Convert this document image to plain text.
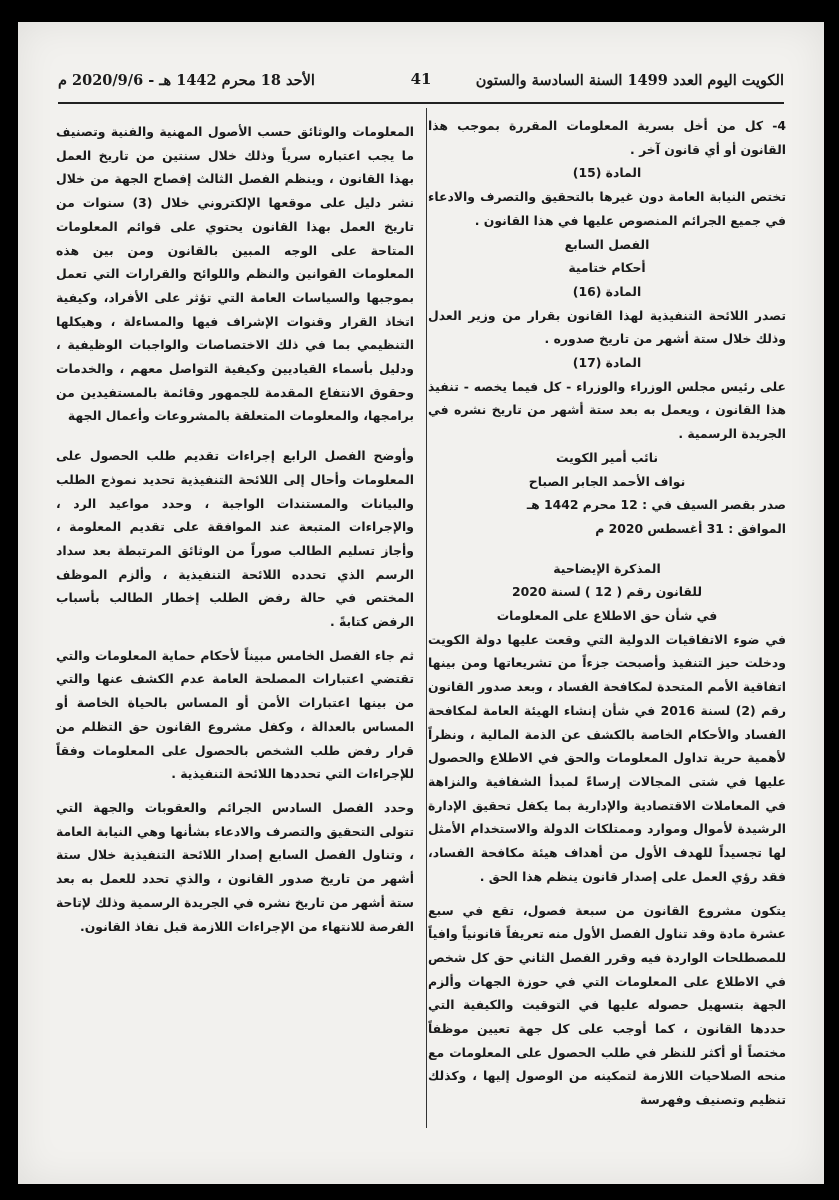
الكويت اليوم العدد 1499 السنة السادسة والستون
41
الأحد 18 محرم 1442 هـ - 2020/9/6 م

4- كل من أخل بسرية المعلومات المقررة بموجب هذا القانون أو أي قانون آخر .

المادة (15)

تختص النيابة العامة دون غيرها بالتحقيق والتصرف والادعاء في جميع الجرائم المنصوص عليها في هذا القانون .

الفصل السابع

أحكام ختامية

المادة (16)

تصدر اللائحة التنفيذية لهذا القانون بقرار من وزير العدل وذلك خلال ستة أشهر من تاريخ صدوره .

المادة (17)

على رئيس مجلس الوزراء والوزراء - كل فيما يخصه - تنفيذ هذا القانون ، ويعمل به بعد ستة أشهر من تاريخ نشره في الجريدة الرسمية .

نائب أمير الكويت

نواف الأحمد الجابر الصباح

صدر بقصر السيف في : 12 محرم 1442 هـ

الموافق : 31 أغسطس 2020 م

المذكرة الإيضاحية

للقانون رقم ( 12 ) لسنة 2020

في شأن حق الاطلاع على المعلومات

في ضوء الاتفاقيات الدولية التي وقعت عليها دولة الكويت ودخلت حيز التنفيذ وأصبحت جزءاً من تشريعاتها ومن بينها اتفاقية الأمم المتحدة لمكافحة الفساد ، وبعد صدور القانون رقم (2) لسنة 2016 في شأن إنشاء الهيئة العامة لمكافحة الفساد والأحكام الخاصة بالكشف عن الذمة المالية ، ونظراً لأهمية حرية تداول المعلومات والحق في الاطلاع والحصول عليها في شتى المجالات إرساءً لمبدأ الشفافية والنزاهة في المعاملات الاقتصادية والإدارية بما يكفل تحقيق الإدارة الرشيدة لأموال وموارد وممتلكات الدولة والاستخدام الأمثل لها تجسيداً للهدف الأول من أهداف هيئة مكافحة الفساد، فقد رؤي العمل على إصدار قانون ينظم هذا الحق .

يتكون مشروع القانون من سبعة فصول، تقع في سبع عشرة مادة وقد تناول الفصل الأول منه تعريفاً قانونياً وافياً للمصطلحات الواردة فيه وقرر الفصل الثاني حق كل شخص في الاطلاع على المعلومات التي في حوزة الجهات وألزم الجهة بتسهيل حصوله عليها في التوقيت والكيفية التي حددها القانون ، كما أوجب على كل جهة تعيين موظفاً مختصاً أو أكثر للنظر في طلب الحصول على المعلومات مع منحه الصلاحيات اللازمة لتمكينه من الوصول إليها ، وكذلك تنظيم وتصنيف وفهرسة

المعلومات والوثائق حسب الأصول المهنية والفنية وتصنيف ما يجب اعتباره سرياً وذلك خلال سنتين من تاريخ العمل بهذا القانون ، وينظم الفصل الثالث إفصاح الجهة من خلال نشر دليل على موقعها الإلكتروني خلال (3) سنوات من تاريخ العمل بهذا القانون يحتوي على قوائم المعلومات المتاحة على الوجه المبين بالقانون ومن بين هذه المعلومات القوانين والنظم واللوائح والقرارات التي تعمل بموجبها والسياسات العامة التي تؤثر على الأفراد، وكيفية اتخاذ القرار وقنوات الإشراف فيها والمساءلة ، وهيكلها التنظيمي بما في ذلك الاختصاصات والواجبات الوظيفية ، ودليل بأسماء القياديين وكيفية التواصل معهم ، والخدمات وحقوق الانتفاع المقدمة للجمهور وقائمة بالمستفيدين من برامجها، والمعلومات المتعلقة بالمشروعات وأعمال الجهة

وأوضح الفصل الرابع إجراءات تقديم طلب الحصول على المعلومات وأحال إلى اللائحة التنفيذية تحديد نموذج الطلب والبيانات والمستندات الواجبة ، وحدد مواعيد الرد ، والإجراءات المتبعة عند الموافقة على تقديم المعلومة ، وأجاز تسليم الطالب صوراً من الوثائق المرتبطة بعد سداد الرسم الذي تحدده اللائحة التنفيذية ، وألزم الموظف المختص في حالة رفض الطلب إخطار الطالب بأسباب الرفض كتابةً .

ثم جاء الفصل الخامس مبيناً لأحكام حماية المعلومات والتي تقتضي اعتبارات المصلحة العامة عدم الكشف عنها والتي من بينها اعتبارات الأمن أو المساس بالحياة الخاصة أو المساس بالعدالة ، وكفل مشروع القانون حق التظلم من قرار رفض طلب الشخص بالحصول على المعلومات وفقاً للإجراءات التي تحددها اللائحة التنفيذية .

وحدد الفصل السادس الجرائم والعقوبات والجهة التي تتولى التحقيق والتصرف والادعاء بشأنها وهي النيابة العامة ، وتناول الفصل السابع إصدار اللائحة التنفيذية خلال ستة أشهر من تاريخ صدور القانون ، والذي تحدد للعمل به بعد ستة أشهر من تاريخ نشره في الجريدة الرسمية وذلك لإتاحة الفرصة للانتهاء من الإجراءات اللازمة قبل نفاذ القانون.
